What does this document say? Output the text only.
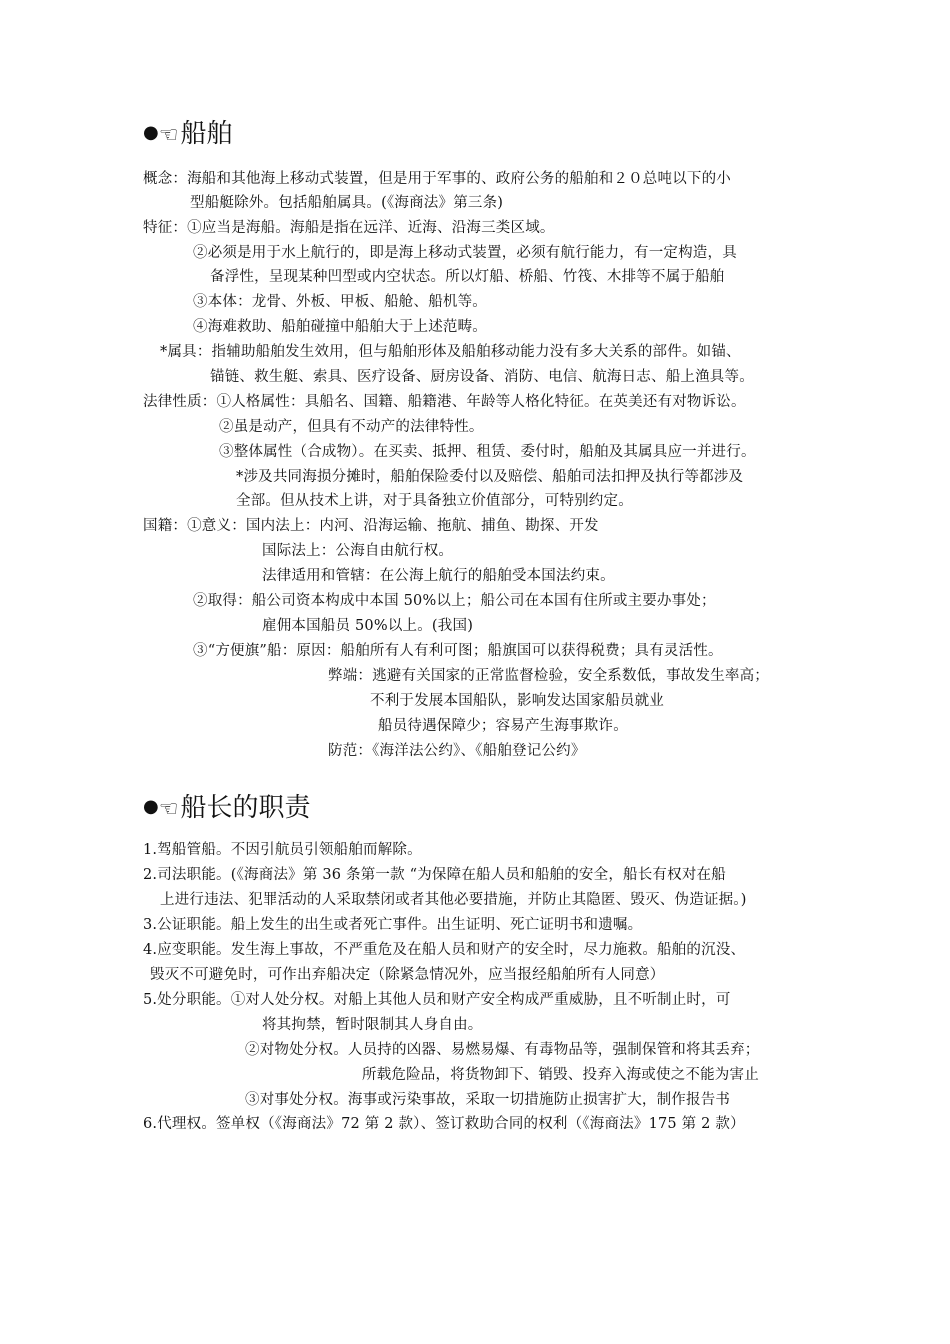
●☜船舶
概念：海船和其他海上移动式装置，但是用于军事的、政府公务的船舶和２０总吨以下的小
型船艇除外。包括船舶属具。(《海商法》第三条)
特征：①应当是海船。海船是指在远洋、近海、沿海三类区域。
②必须是用于水上航行的，即是海上移动式装置，必须有航行能力，有一定构造，具
备浮性，呈现某种凹型或内空状态。所以灯船、桥船、竹筏、木排等不属于船舶
③本体：龙骨、外板、甲板、船舱、船机等。
④海难救助、船舶碰撞中船舶大于上述范畴。
*属具：指辅助船舶发生效用，但与船舶形体及船舶移动能力没有多大关系的部件。如锚、
锚链、救生艇、索具、医疗设备、厨房设备、消防、电信、航海日志、船上渔具等。
法律性质：①人格属性：具船名、国籍、船籍港、年龄等人格化特征。在英美还有对物诉讼。
②虽是动产，但具有不动产的法律特性。
③整体属性（合成物）。在买卖、抵押、租赁、委付时，船舶及其属具应一并进行。
*涉及共同海损分摊时，船舶保险委付以及赔偿、船舶司法扣押及执行等都涉及
全部。但从技术上讲，对于具备独立价值部分，可特别约定。
国籍：①意义：国内法上：内河、沿海运输、拖航、捕鱼、勘探、开发
国际法上：公海自由航行权。
法律适用和管辖：在公海上航行的船舶受本国法约束。
②取得：船公司资本构成中本国 50%以上；船公司在本国有住所或主要办事处；
雇佣本国船员 50%以上。(我国)
③“方便旗”船：原因：船舶所有人有利可图；船旗国可以获得税费；具有灵活性。
弊端：逃避有关国家的正常监督检验，安全系数低，事故发生率高；
不利于发展本国船队，影响发达国家船员就业
船员待遇保障少；容易产生海事欺诈。
防范：《海洋法公约》、《船舶登记公约》
●☜船长的职责
1.驾船管船。不因引航员引领船舶而解除。
2.司法职能。(《海商法》第 36 条第一款 “为保障在船人员和船舶的安全，船长有权对在船
上进行违法、犯罪活动的人采取禁闭或者其他必要措施，并防止其隐匿、毁灭、伪造证据。)
3.公证职能。船上发生的出生或者死亡事件。出生证明、死亡证明书和遗嘱。
4.应变职能。发生海上事故，不严重危及在船人员和财产的安全时，尽力施救。船舶的沉没、
毁灭不可避免时，可作出弃船决定（除紧急情况外，应当报经船舶所有人同意）
5.处分职能。①对人处分权。对船上其他人员和财产安全构成严重威胁，且不听制止时，可
将其拘禁，暂时限制其人身自由。
②对物处分权。人员持的凶器、易燃易爆、有毒物品等，强制保管和将其丢弃；
所载危险品，将货物卸下、销毁、投弃入海或使之不能为害止
③对事处分权。海事或污染事故，采取一切措施防止损害扩大，制作报告书
6.代理权。签单权（《海商法》72 第 2 款）、签订救助合同的权利（《海商法》175 第 2 款）
